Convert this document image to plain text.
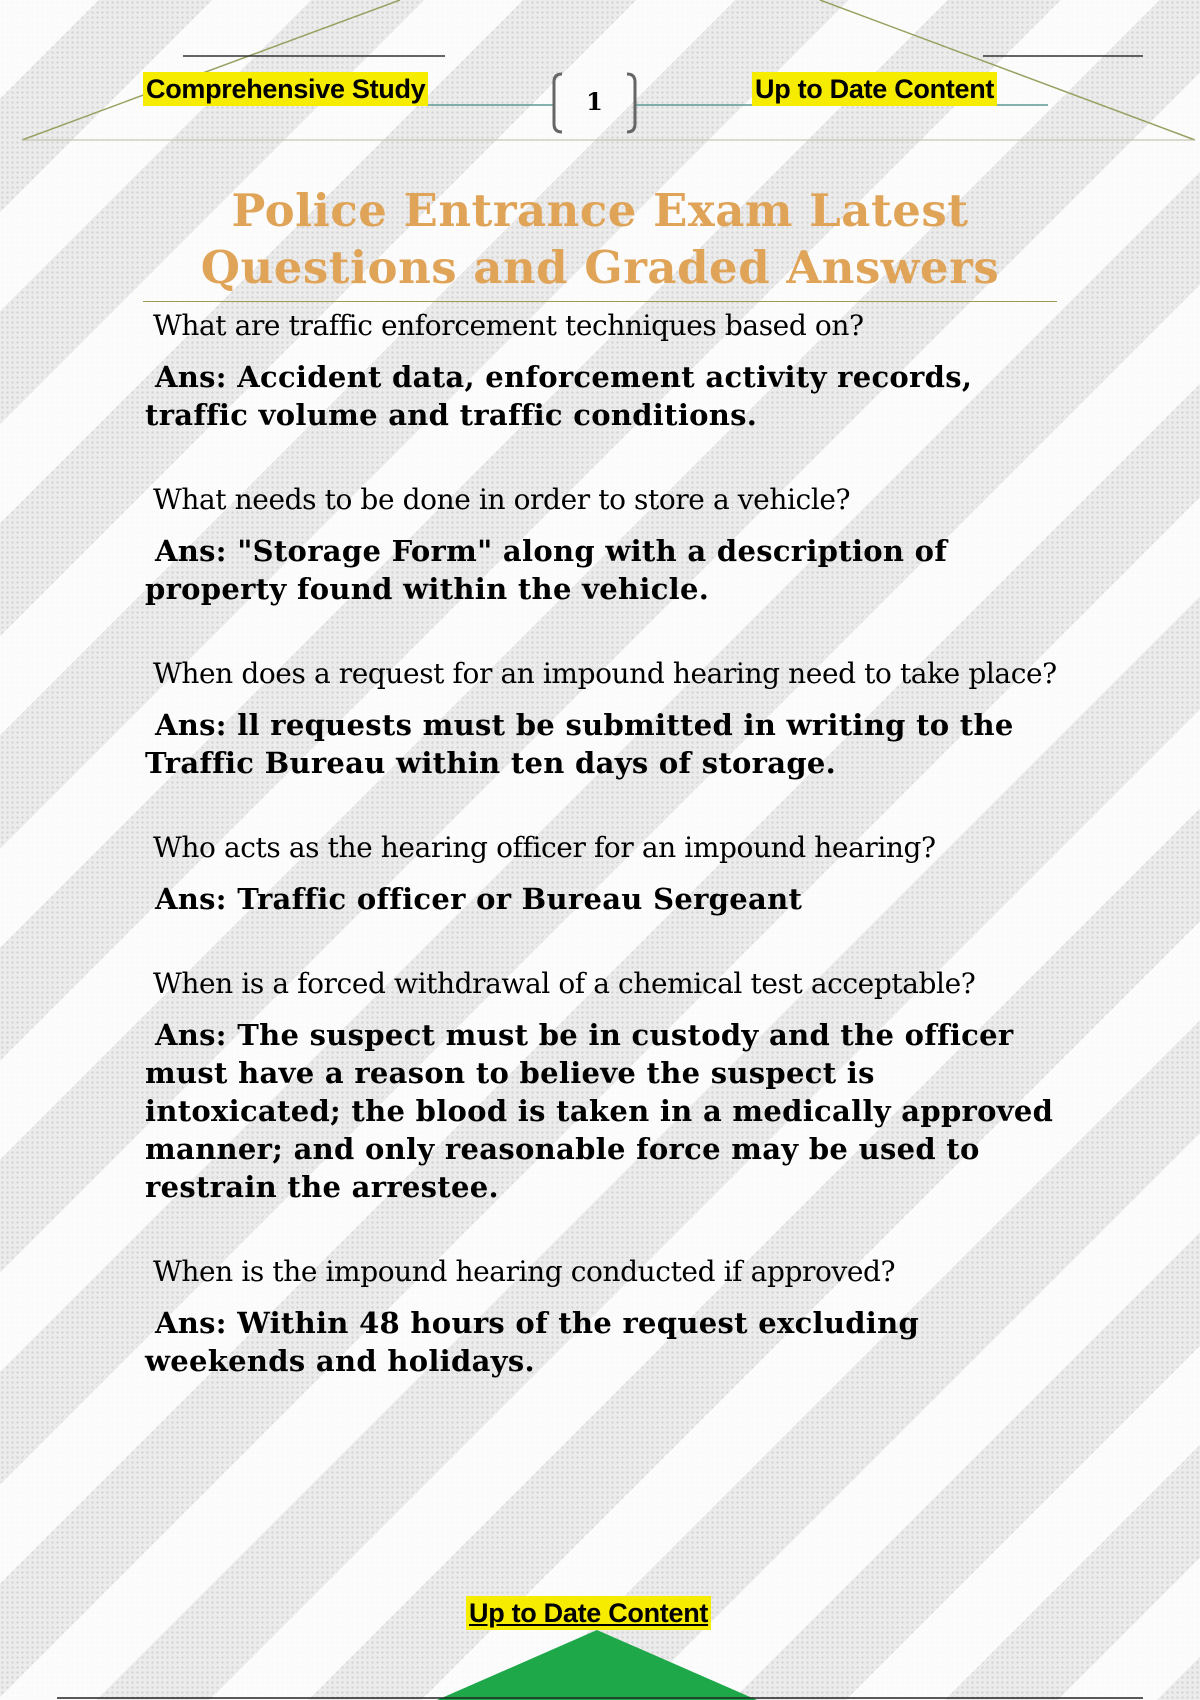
Comprehensive Study	Up to Date Content
1
Police Entrance Exam Latest Questions and Graded Answers

What are traffic enforcement techniques based on?

Ans: Accident data, enforcement activity records, traffic volume and traffic conditions.

What needs to be done in order to store a vehicle?

Ans: "Storage Form" along with a description of property found within the vehicle.

When does a request for an impound hearing need to take place?

Ans: ll requests must be submitted in writing to the Traffic Bureau within ten days of storage.

Who acts as the hearing officer for an impound hearing?

Ans: Traffic officer or Bureau Sergeant

When is a forced withdrawal of a chemical test acceptable?

Ans: The suspect must be in custody and the officer must have a reason to believe the suspect is intoxicated; the blood is taken in a medically approved manner; and only reasonable force may be used to restrain the arrestee.

When is the impound hearing conducted if approved?

Ans: Within 48 hours of the request excluding weekends and holidays.

Up to Date Content
